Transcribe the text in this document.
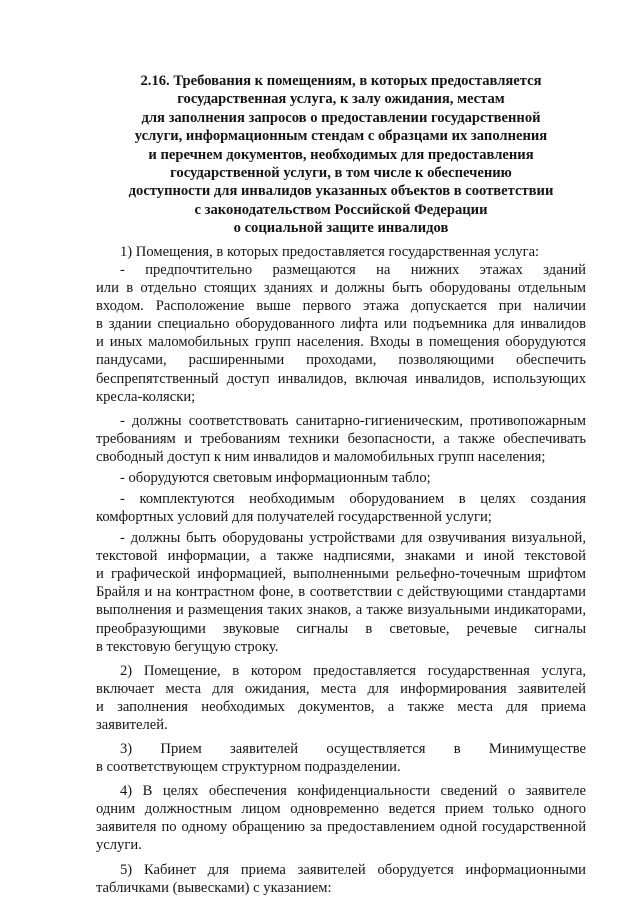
2.16. Требования к помещениям, в которых предоставляется
государственная услуга, к залу ожидания, местам
для заполнения запросов о предоставлении государственной
услуги, информационным стендам с образцами их заполнения
и перечнем документов, необходимых для предоставления
государственной услуги, в том числе к обеспечению
доступности для инвалидов указанных объектов в соответствии
с законодательством Российской Федерации
о социальной защите инвалидов
1) Помещения, в которых предоставляется государственная услуга:
- предпочтительно размещаются на нижних этажах зданий
или в отдельно стоящих зданиях и должны быть оборудованы отдельным
входом. Расположение выше первого этажа допускается при наличии
в здании специально оборудованного лифта или подъемника для инвалидов
и иных маломобильных групп населения. Входы в помещения оборудуются
пандусами, расширенными проходами, позволяющими обеспечить
беспрепятственный доступ инвалидов, включая инвалидов, использующих
кресла-коляски;
- должны соответствовать санитарно-гигиеническим, противопожарным
требованиям и требованиям техники безопасности, а также обеспечивать
свободный доступ к ним инвалидов и маломобильных групп населения;
- оборудуются световым информационным табло;
- комплектуются необходимым оборудованием в целях создания
комфортных условий для получателей государственной услуги;
- должны быть оборудованы устройствами для озвучивания визуальной,
текстовой информации, а также надписями, знаками и иной текстовой
и графической информацией, выполненными рельефно-точечным шрифтом
Брайля и на контрастном фоне, в соответствии с действующими стандартами
выполнения и размещения таких знаков, а также визуальными индикаторами,
преобразующими звуковые сигналы в световые, речевые сигналы
в текстовую бегущую строку.
2) Помещение, в котором предоставляется государственная услуга,
включает места для ожидания, места для информирования заявителей
и заполнения необходимых документов, а также места для приема
заявителей.
3) Прием заявителей осуществляется в Минимуществе
в соответствующем структурном подразделении.
4) В целях обеспечения конфиденциальности сведений о заявителе
одним должностным лицом одновременно ведется прием только одного
заявителя по одному обращению за предоставлением одной государственной
услуги.
5) Кабинет для приема заявителей оборудуется информационными
табличками (вывесками) с указанием:
